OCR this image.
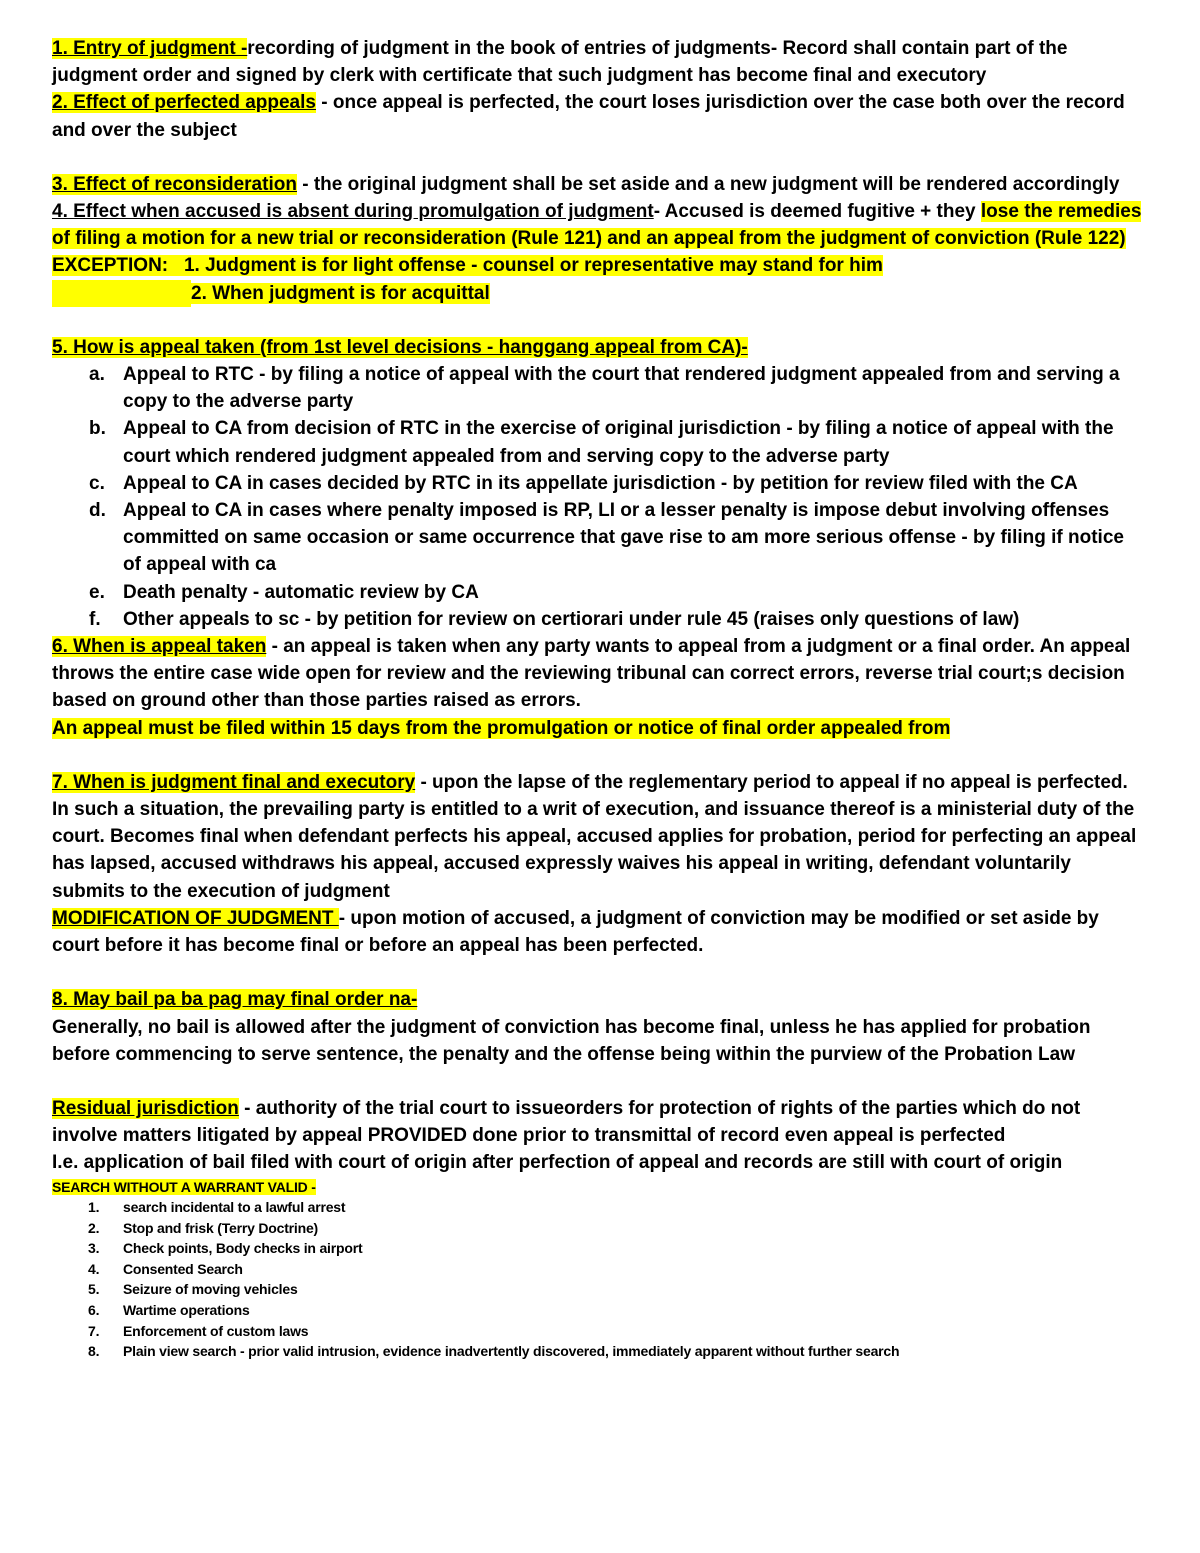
1. Entry of judgment -recording of judgment in the book of entries of judgments- Record shall contain part of the judgment order and signed by clerk with certificate that such judgment has become final and executory
2. Effect of perfected appeals - once appeal is perfected, the court loses jurisdiction over the case both over the record and over the subject
3. Effect of reconsideration - the original judgment shall be set aside and a new judgment will be rendered accordingly
4. Effect when accused is absent during promulgation of judgment- Accused is deemed fugitive + they lose the remedies of filing a motion for a new trial or reconsideration (Rule 121) and an appeal from the judgment of conviction (Rule 122)
EXCEPTION: 1. Judgment is for light offense - counsel or representative may stand for him
2. When judgment is for acquittal
5. How is appeal taken (from 1st level decisions - hanggang appeal from CA)-
a. Appeal to RTC - by filing a notice of appeal with the court that rendered judgment appealed from and serving a copy to the adverse party
b. Appeal to CA from decision of RTC in the exercise of original jurisdiction - by filing a notice of appeal with the court which rendered judgment appealed from and serving copy to the adverse party
c. Appeal to CA in cases decided by RTC in its appellate jurisdiction - by petition for review filed with the CA
d. Appeal to CA in cases where penalty imposed is RP, LI or a lesser penalty is impose debut involving offenses committed on same occasion or same occurrence that gave rise to am more serious offense - by filing if notice of appeal with ca
e. Death penalty - automatic review by CA
f. Other appeals to sc - by petition for review on certiorari under rule 45 (raises only questions of law)
6. When is appeal taken - an appeal is taken when any party wants to appeal from a judgment or a final order. An appeal throws the entire case wide open for review and the reviewing tribunal can correct errors, reverse trial court;s decision based on ground other than those parties raised as errors.
An appeal must be filed within 15 days from the promulgation or notice of final order appealed from
7. When is judgment final and executory - upon the lapse of the reglementary period to appeal if no appeal is perfected. In such a situation, the prevailing party is entitled to a writ of execution, and issuance thereof is a ministerial duty of the court. Becomes final when defendant perfects his appeal, accused applies for probation, period for perfecting an appeal has lapsed, accused withdraws his appeal, accused expressly waives his appeal in writing, defendant voluntarily submits to the execution of judgment
MODIFICATION OF JUDGMENT - upon motion of accused, a judgment of conviction may be modified or set aside by court before it has become final or before an appeal has been perfected.
8. May bail pa ba pag may final order na-
Generally, no bail is allowed after the judgment of conviction has become final, unless he has applied for probation before commencing to serve sentence, the penalty and the offense being within the purview of the Probation Law
Residual jurisdiction - authority of the trial court to issueorders for protection of rights of the parties which do not involve matters litigated by appeal PROVIDED done prior to transmittal of record even appeal is perfected
I.e. application of bail filed with court of origin after perfection of appeal and records are still with court of origin
SEARCH WITHOUT A WARRANT VALID -
1. search incidental to a lawful arrest
2. Stop and frisk (Terry Doctrine)
3. Check points, Body checks in airport
4. Consented Search
5. Seizure of moving vehicles
6. Wartime operations
7. Enforcement of custom laws
8. Plain view search - prior valid intrusion, evidence inadvertently discovered, immediately apparent without further search
